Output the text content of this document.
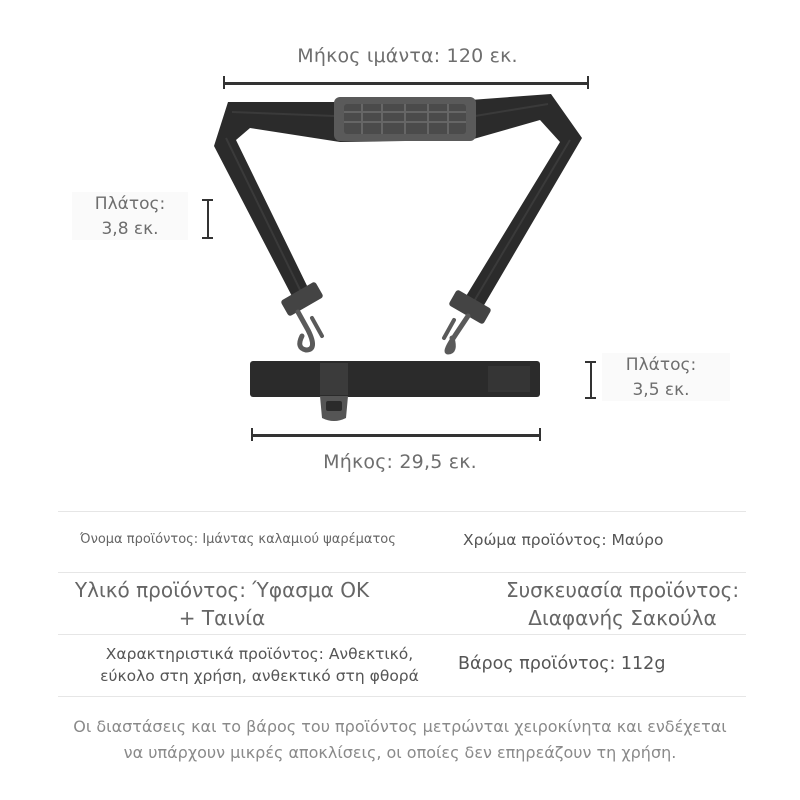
Μήκος ιμάντα: 120 εκ.
Πλάτος:
3,8 εκ.
Πλάτος:
3,5 εκ.
Μήκος: 29,5 εκ.
Όνομα προϊόντος: Ιμάντας καλαμιού ψαρέματος	Χρώμα προϊόντος: Μαύρο
Υλικό προϊόντος: Ύφασμα ΟΚ
+ Ταινία
Συσκευασία προϊόντος:
Διαφανής Σακούλα
Χαρακτηριστικά προϊόντος: Ανθεκτικό,
εύκολο στη χρήση, ανθεκτικό στη φθορά
Βάρος προϊόντος: 112g
Οι διαστάσεις και το βάρος του προϊόντος μετρώνται χειροκίνητα και ενδέχεται
να υπάρχουν μικρές αποκλίσεις, οι οποίες δεν επηρεάζουν τη χρήση.
